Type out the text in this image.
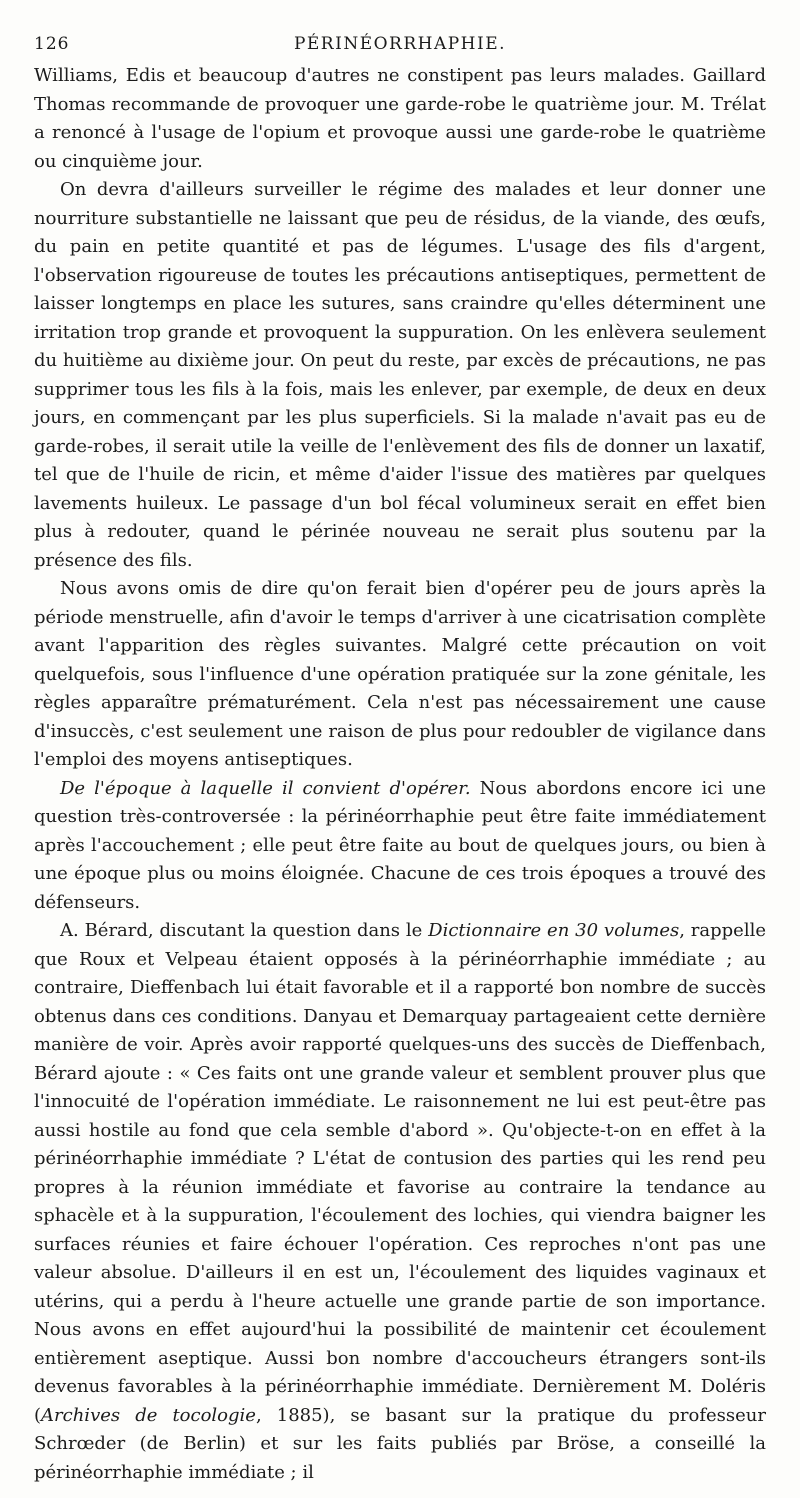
126	PÉRINÉORRHAPHIE.

Williams, Edis et beaucoup d'autres ne constipent pas leurs malades. Gaillard Thomas recommande de provoquer une garde-robe le quatrième jour. M. Trélat a renoncé à l'usage de l'opium et provoque aussi une garde-robe le quatrième ou cinquième jour.

On devra d'ailleurs surveiller le régime des malades et leur donner une nourriture substantielle ne laissant que peu de résidus, de la viande, des œufs, du pain en petite quantité et pas de légumes. L'usage des fils d'argent, l'observation rigoureuse de toutes les précautions antiseptiques, permettent de laisser longtemps en place les sutures, sans craindre qu'elles déterminent une irritation trop grande et provoquent la suppuration. On les enlèvera seulement du huitième au dixième jour. On peut du reste, par excès de précautions, ne pas supprimer tous les fils à la fois, mais les enlever, par exemple, de deux en deux jours, en commençant par les plus superficiels. Si la malade n'avait pas eu de garde-robes, il serait utile la veille de l'enlèvement des fils de donner un laxatif, tel que de l'huile de ricin, et même d'aider l'issue des matières par quelques lavements huileux. Le passage d'un bol fécal volumineux serait en effet bien plus à redouter, quand le périnée nouveau ne serait plus soutenu par la présence des fils.

Nous avons omis de dire qu'on ferait bien d'opérer peu de jours après la période menstruelle, afin d'avoir le temps d'arriver à une cicatrisation complète avant l'apparition des règles suivantes. Malgré cette précaution on voit quelquefois, sous l'influence d'une opération pratiquée sur la zone génitale, les règles apparaître prématurément. Cela n'est pas nécessairement une cause d'insuccès, c'est seulement une raison de plus pour redoubler de vigilance dans l'emploi des moyens antiseptiques.

De l'époque à laquelle il convient d'opérer. Nous abordons encore ici une question très-controversée : la périnéorrhaphie peut être faite immédiatement après l'accouchement ; elle peut être faite au bout de quelques jours, ou bien à une époque plus ou moins éloignée. Chacune de ces trois époques a trouvé des défenseurs.

A. Bérard, discutant la question dans le Dictionnaire en 30 volumes, rappelle que Roux et Velpeau étaient opposés à la périnéorrhaphie immédiate ; au contraire, Dieffenbach lui était favorable et il a rapporté bon nombre de succès obtenus dans ces conditions. Danyau et Demarquay partageaient cette dernière manière de voir. Après avoir rapporté quelques-uns des succès de Dieffenbach, Bérard ajoute : « Ces faits ont une grande valeur et semblent prouver plus que l'innocuité de l'opération immédiate. Le raisonnement ne lui est peut-être pas aussi hostile au fond que cela semble d'abord ». Qu'objecte-t-on en effet à la périnéorrhaphie immédiate ? L'état de contusion des parties qui les rend peu propres à la réunion immédiate et favorise au contraire la tendance au sphacèle et à la suppuration, l'écoulement des lochies, qui viendra baigner les surfaces réunies et faire échouer l'opération. Ces reproches n'ont pas une valeur absolue. D'ailleurs il en est un, l'écoulement des liquides vaginaux et utérins, qui a perdu à l'heure actuelle une grande partie de son importance. Nous avons en effet aujourd'hui la possibilité de maintenir cet écoulement entièrement aseptique. Aussi bon nombre d'accoucheurs étrangers sont-ils devenus favorables à la périnéorrhaphie immédiate. Dernièrement M. Doléris (Archives de tocologie, 1885), se basant sur la pratique du professeur Schrœder (de Berlin) et sur les faits publiés par Bröse, a conseillé la périnéorrhaphie immédiate ; il
